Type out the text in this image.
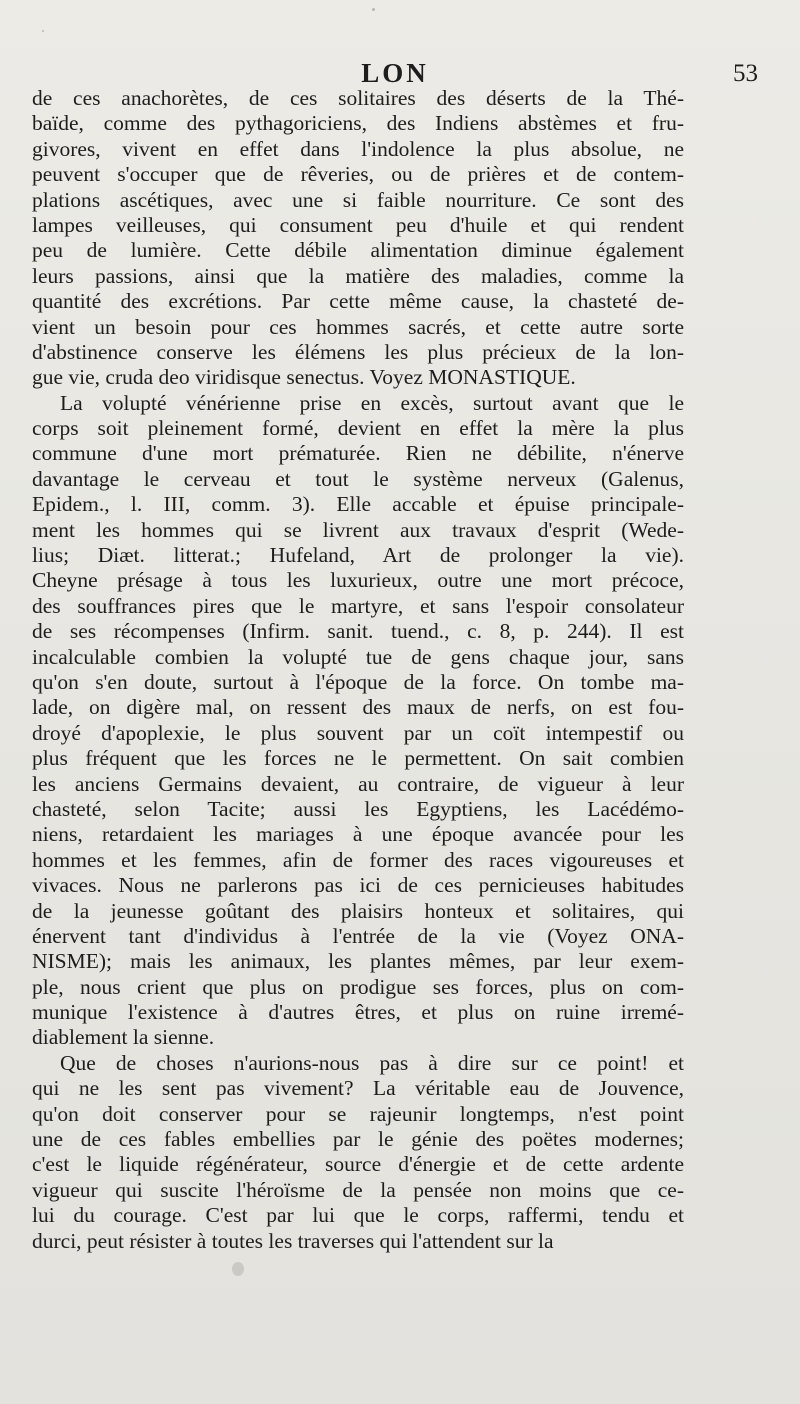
LON	53
de ces anachorètes, de ces solitaires des déserts de la Thé-
baïde, comme des pythagoriciens, des Indiens abstèmes et fru-
givores, vivent en effet dans l'indolence la plus absolue, ne
peuvent s'occuper que de rêveries, ou de prières et de contem-
plations ascétiques, avec une si faible nourriture. Ce sont des
lampes veilleuses, qui consument peu d'huile et qui rendent
peu de lumière. Cette débile alimentation diminue également
leurs passions, ainsi que la matière des maladies, comme la
quantité des excrétions. Par cette même cause, la chasteté de-
vient un besoin pour ces hommes sacrés, et cette autre sorte
d'abstinence conserve les élémens les plus précieux de la lon-
gue vie, cruda deo viridisque senectus. Voyez MONASTIQUE.
La volupté vénérienne prise en excès, surtout avant que le
corps soit pleinement formé, devient en effet la mère la plus
commune d'une mort prématurée. Rien ne débilite, n'énerve
davantage le cerveau et tout le système nerveux (Galenus,
Epidem., l. III, comm. 3). Elle accable et épuise principale-
ment les hommes qui se livrent aux travaux d'esprit (Wede-
lius; Diæt. litterat.; Hufeland, Art de prolonger la vie).
Cheyne présage à tous les luxurieux, outre une mort précoce,
des souffrances pires que le martyre, et sans l'espoir consolateur
de ses récompenses (Infirm. sanit. tuend., c. 8, p. 244). Il est
incalculable combien la volupté tue de gens chaque jour, sans
qu'on s'en doute, surtout à l'époque de la force. On tombe ma-
lade, on digère mal, on ressent des maux de nerfs, on est fou-
droyé d'apoplexie, le plus souvent par un coït intempestif ou
plus fréquent que les forces ne le permettent. On sait combien
les anciens Germains devaient, au contraire, de vigueur à leur
chasteté, selon Tacite; aussi les Egyptiens, les Lacédémo-
niens, retardaient les mariages à une époque avancée pour les
hommes et les femmes, afin de former des races vigoureuses et
vivaces. Nous ne parlerons pas ici de ces pernicieuses habitudes
de la jeunesse goûtant des plaisirs honteux et solitaires, qui
énervent tant d'individus à l'entrée de la vie (Voyez ONA-
NISME); mais les animaux, les plantes mêmes, par leur exem-
ple, nous crient que plus on prodigue ses forces, plus on com-
munique l'existence à d'autres êtres, et plus on ruine irremé-
diablement la sienne.
Que de choses n'aurions-nous pas à dire sur ce point! et
qui ne les sent pas vivement? La véritable eau de Jouvence,
qu'on doit conserver pour se rajeunir longtemps, n'est point
une de ces fables embellies par le génie des poëtes modernes;
c'est le liquide régénérateur, source d'énergie et de cette ardente
vigueur qui suscite l'héroïsme de la pensée non moins que ce-
lui du courage. C'est par lui que le corps, raffermi, tendu et
durci, peut résister à toutes les traverses qui l'attendent sur la
